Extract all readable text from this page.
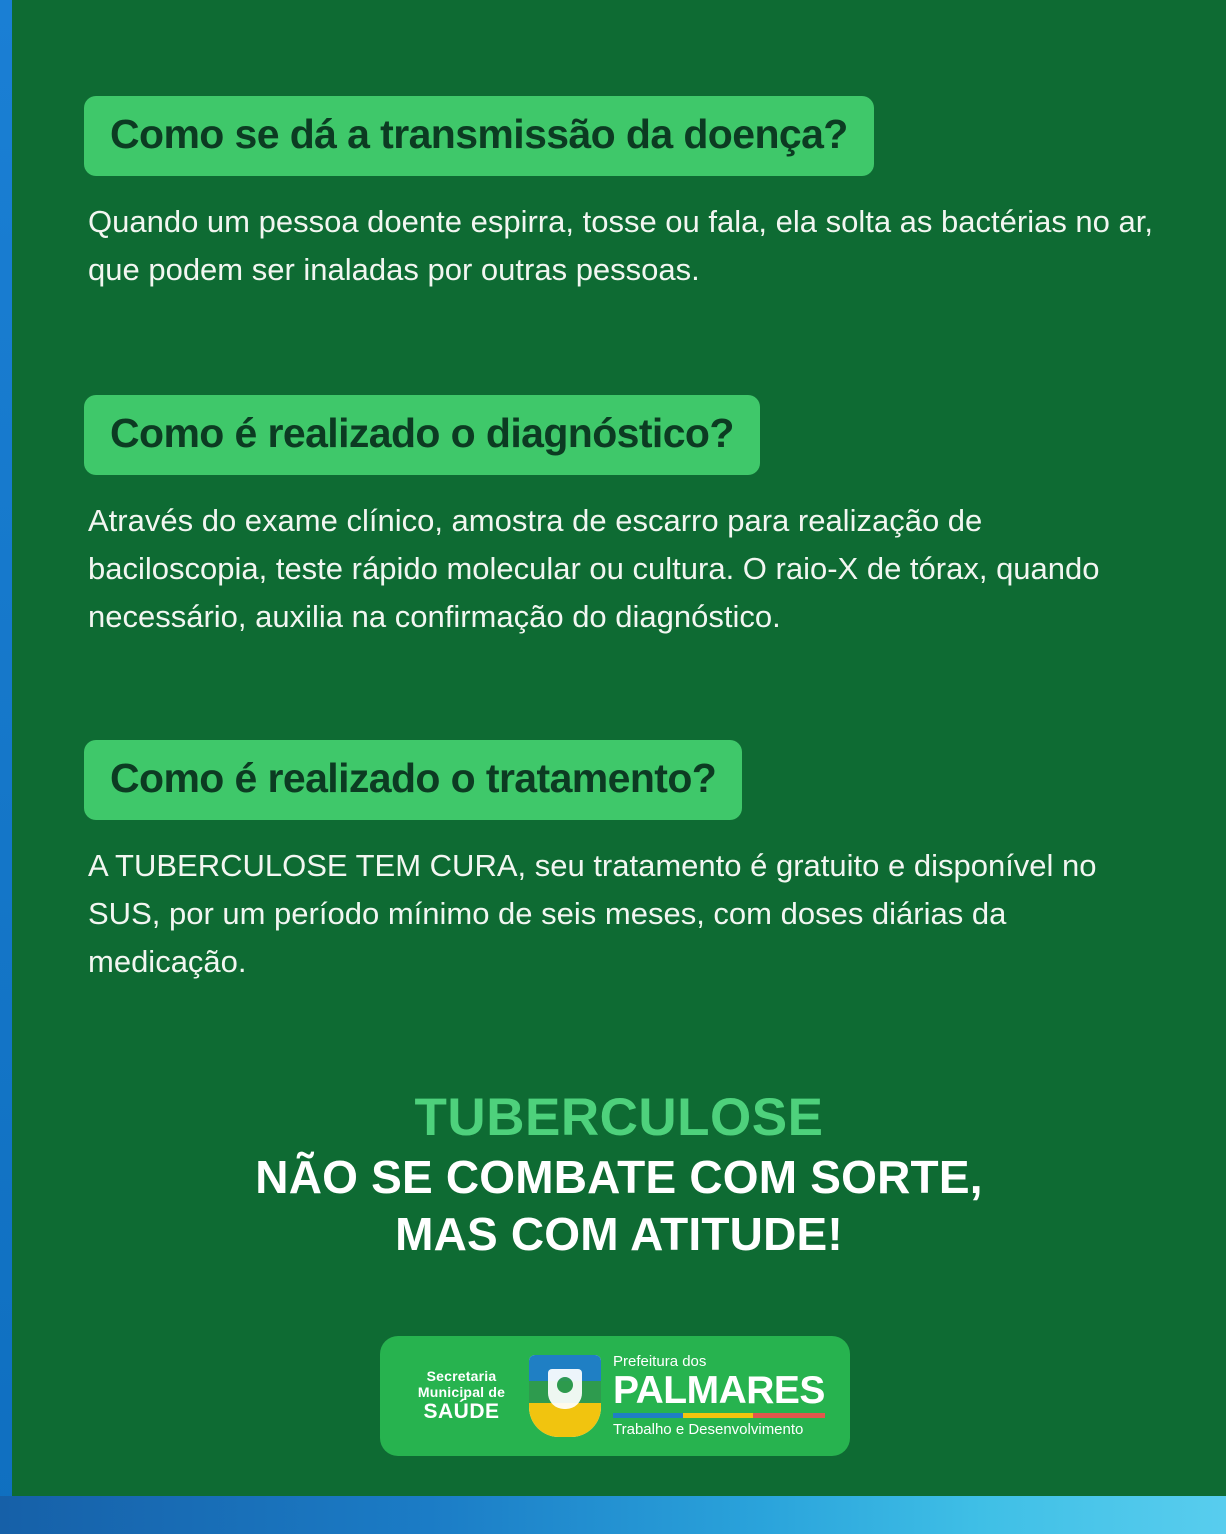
Como se dá a transmissão da doença?

Quando um pessoa doente espirra, tosse ou fala, ela solta as bactérias no ar, que podem ser inaladas por outras pessoas.

Como é realizado o diagnóstico?

Através do exame clínico, amostra de escarro para realização de baciloscopia, teste rápido molecular ou cultura. O raio-X de tórax, quando necessário, auxilia na confirmação do diagnóstico.

Como é realizado o tratamento?

A TUBERCULOSE TEM CURA, seu tratamento é gratuito e disponível no SUS, por um período mínimo de seis meses, com doses diárias da medicação.

TUBERCULOSE
NÃO SE COMBATE COM SORTE,
MAS COM ATITUDE!
Secretaria
Municipal de
SAÚDE
Prefeitura dos
PALMARES
Trabalho e Desenvolvimento
